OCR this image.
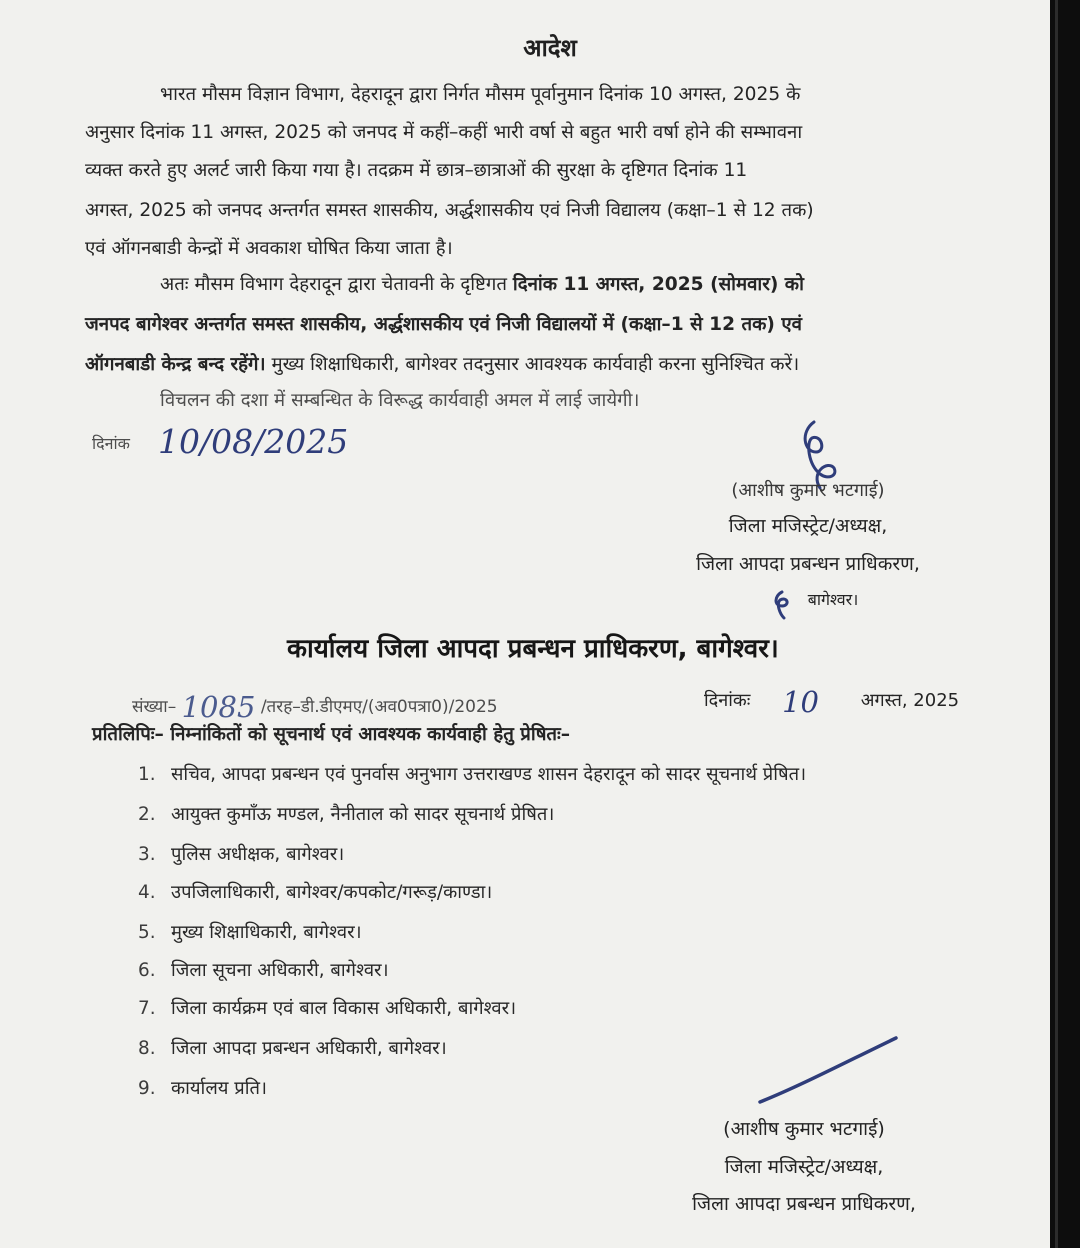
आदेश
भारत मौसम विज्ञान विभाग, देहरादून द्वारा निर्गत मौसम पूर्वानुमान दिनांक 10 अगस्त, 2025 के
अनुसार दिनांक 11 अगस्त, 2025 को जनपद में कहीं–कहीं भारी वर्षा से बहुत भारी वर्षा होने की सम्भावना
व्यक्त करते हुए अलर्ट जारी किया गया है। तदक्रम में छात्र–छात्राओं की सुरक्षा के दृष्टिगत दिनांक 11
अगस्त, 2025 को जनपद अन्तर्गत समस्त शासकीय, अर्द्धशासकीय एवं निजी विद्यालय (कक्षा–1 से 12 तक)
एवं ऑगनबाडी केन्द्रों में अवकाश घोषित किया जाता है।
अतः मौसम विभाग देहरादून द्वारा चेतावनी के दृष्टिगत दिनांक 11 अगस्त, 2025 (सोमवार) को
जनपद बागेश्वर अन्तर्गत समस्त शासकीय, अर्द्धशासकीय एवं निजी विद्यालयों में (कक्षा–1 से 12 तक) एवं
ऑगनबाडी केन्द्र बन्द रहेंगे। मुख्य शिक्षाधिकारी, बागेश्वर तदनुसार आवश्यक कार्यवाही करना सुनिश्चित करें।
विचलन की दशा में सम्बन्धित के विरूद्ध कार्यवाही अमल में लाई जायेगी।
दिनांक 10/08/2025
(आशीष कुमार भटगाई)
जिला मजिस्ट्रेट/अध्यक्ष,
जिला आपदा प्रबन्धन प्राधिकरण,
बागेश्वर।
कार्यालय जिला आपदा प्रबन्धन प्राधिकरण, बागेश्वर।
संख्या– 1085 /तरह–डी.डीएमए/(अव0पत्रा0)/2025	दिनांकः 10 अगस्त, 2025
प्रतिलिपिः– निम्नांकितों को सूचनार्थ एवं आवश्यक कार्यवाही हेतु प्रेषितः–
1. सचिव, आपदा प्रबन्धन एवं पुनर्वास अनुभाग उत्तराखण्ड शासन देहरादून को सादर सूचनार्थ प्रेषित।
2. आयुक्त कुमाँऊ मण्डल, नैनीताल को सादर सूचनार्थ प्रेषित।
3. पुलिस अधीक्षक, बागेश्वर।
4. उपजिलाधिकारी, बागेश्वर/कपकोट/गरूड़/काण्डा।
5. मुख्य शिक्षाधिकारी, बागेश्वर।
6. जिला सूचना अधिकारी, बागेश्वर।
7. जिला कार्यक्रम एवं बाल विकास अधिकारी, बागेश्वर।
8. जिला आपदा प्रबन्धन अधिकारी, बागेश्वर।
9. कार्यालय प्रति।
(आशीष कुमार भटगाई)
जिला मजिस्ट्रेट/अध्यक्ष,
जिला आपदा प्रबन्धन प्राधिकरण,
